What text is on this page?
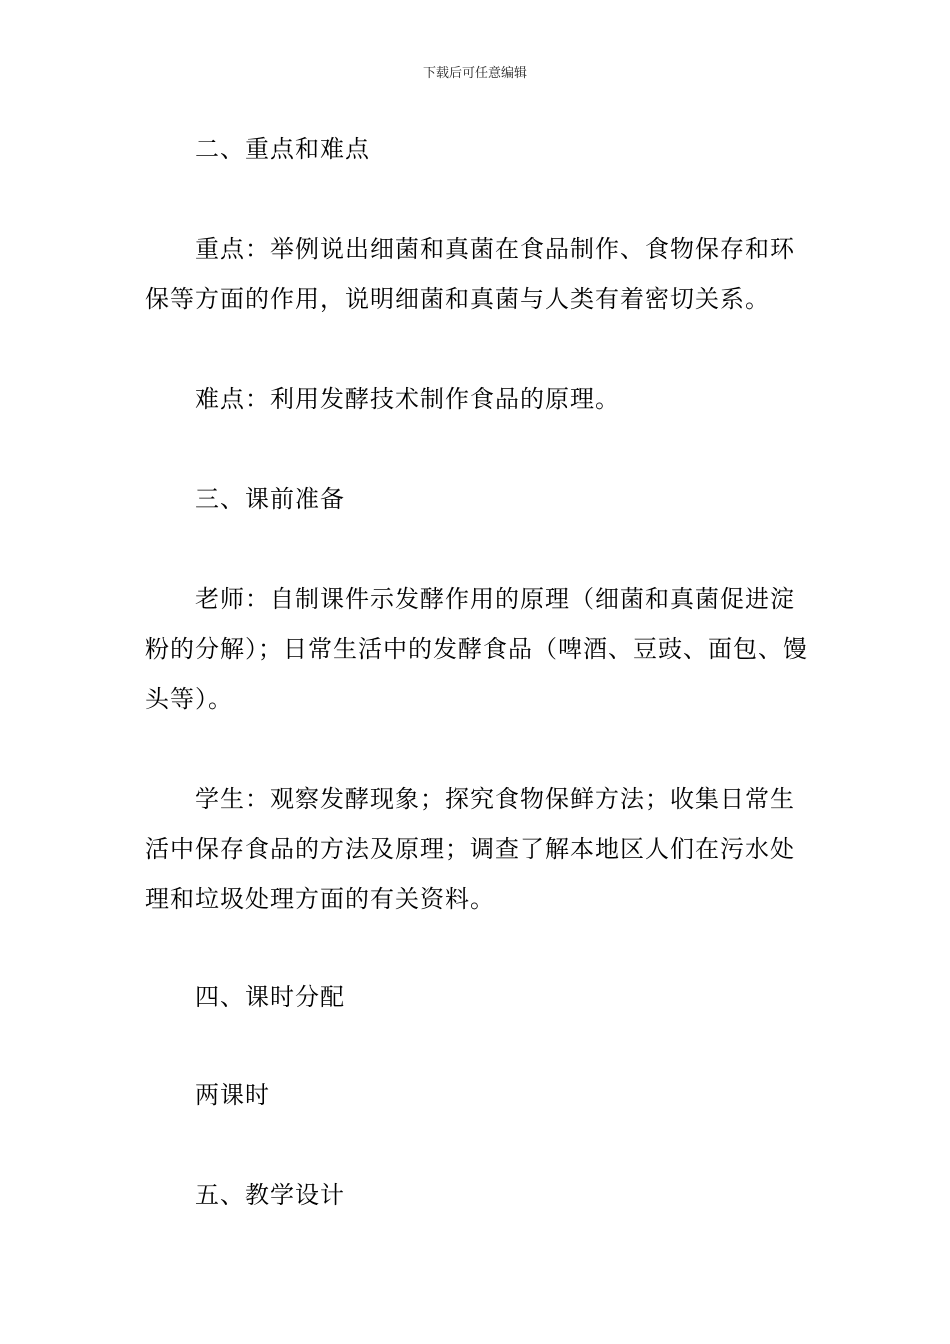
下载后可任意编辑

二、重点和难点

重点：举例说出细菌和真菌在食品制作、食物保存和环保等方面的作用，说明细菌和真菌与人类有着密切关系。

难点：利用发酵技术制作食品的原理。

三、课前准备

老师：自制课件示发酵作用的原理（细菌和真菌促进淀粉的分解）；日常生活中的发酵食品（啤酒、豆豉、面包、馒头等）。

学生：观察发酵现象；探究食物保鲜方法；收集日常生活中保存食品的方法及原理；调查了解本地区人们在污水处理和垃圾处理方面的有关资料。

四、课时分配

两课时

五、教学设计
